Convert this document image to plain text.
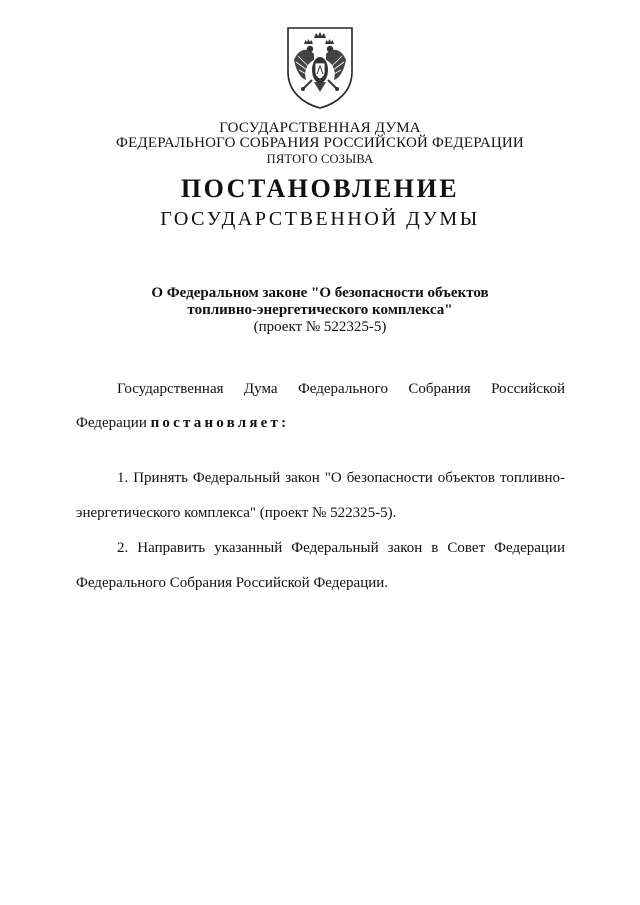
ГОСУДАРСТВЕННАЯ ДУМА
ФЕДЕРАЛЬНОГО СОБРАНИЯ РОССИЙСКОЙ ФЕДЕРАЦИИ
ПЯТОГО СОЗЫВА
ПОСТАНОВЛЕНИЕ
ГОСУДАРСТВЕННОЙ ДУМЫ
О Федеральном законе "О безопасности объектов
топливно-энергетического комплекса"
(проект № 522325-5)
Государственная Дума Федерального Собрания Российской
Федерации постановляет:
1. Принять Федеральный закон "О безопасности объектов топливно-
энергетического комплекса" (проект № 522325-5).
2. Направить указанный Федеральный закон в Совет Федерации
Федерального Собрания Российской Федерации.
